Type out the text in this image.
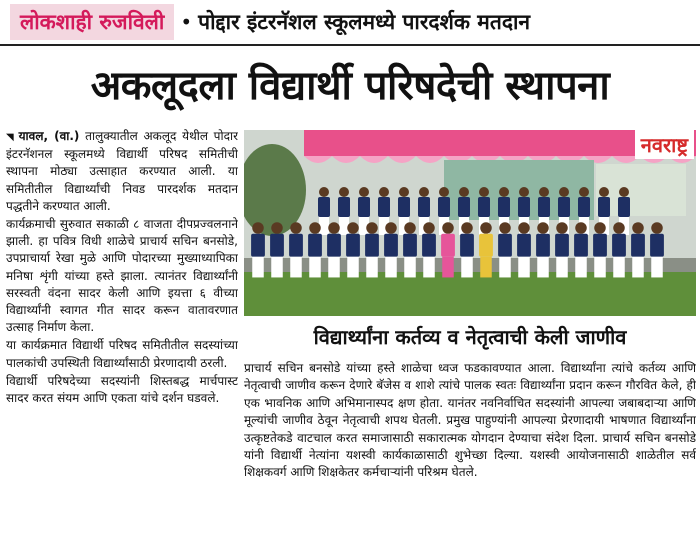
लोकशाही रुजविली • पोद्दार इंटरनॅशल स्कूलमध्ये पारदर्शक मतदान
अकलूदला विद्यार्थी परिषदेची स्थापना

◥ यावल, (वा.) तालुक्यातील अकलूद येथील पोदार इंटरनॅशनल स्कूलमध्ये विद्यार्थी परिषद समितीची स्थापना मोठ्या उत्साहात करण्यात आली. या समितीतील विद्यार्थ्यांची निवड पारदर्शक मतदान पद्धतीने करण्यात आली.

कार्यक्रमाची सुरुवात सकाळी ८ वाजता दीपप्रज्वलनाने झाली. हा पवित्र विधी शाळेचे प्राचार्य सचिन बनसोडे, उपप्राचार्या रेखा मुळे आणि पोदारच्या मुख्याध्यापिका मनिषा शृंगी यांच्या हस्ते झाला. त्यानंतर विद्यार्थ्यांनी सरस्वती वंदना सादर केली आणि इयत्ता ६ वीच्या विद्यार्थ्यांनी स्वागत गीत सादर करून वातावरणात उत्साह निर्माण केला.

या कार्यक्रमात विद्यार्थी परिषद समितीतील सदस्यांच्या पालकांची उपस्थिती विद्यार्थ्यांसाठी प्रेरणादायी ठरली.

विद्यार्थी परिषदेच्या सदस्यांनी शिस्तबद्ध मार्चपास्ट सादर करत संयम आणि एकता यांचे दर्शन घडवले.

नवराष्ट्र
विद्यार्थ्यांना कर्तव्य व नेतृत्वाची केली जाणीव

प्राचार्य सचिन बनसोडे यांच्या हस्ते शाळेचा ध्वज फडकावण्यात आला. विद्यार्थ्यांना त्यांचे कर्तव्य आणि नेतृत्वाची जाणीव करून देणारे बॅजेस व शाशे त्यांचे पालक स्वतः विद्यार्थ्यांना प्रदान करून गौरवित केले, ही एक भावनिक आणि अभिमानास्पद क्षण होता. यानंतर नवनिर्वाचित सदस्यांनी आपल्या जबाबदाऱ्या आणि मूल्यांची जाणीव ठेवून नेतृत्वाची शपथ घेतली. प्रमुख पाहुण्यांनी आपल्या प्रेरणादायी भाषणात विद्यार्थ्यांना उत्कृष्टतेकडे वाटचाल करत समाजासाठी सकारात्मक योगदान देण्याचा संदेश दिला. प्राचार्य सचिन बनसोडे यांनी विद्यार्थी नेत्यांना यशस्वी कार्यकाळासाठी शुभेच्छा दिल्या. यशस्वी आयोजनासाठी शाळेतील सर्व शिक्षकवर्ग आणि शिक्षकेतर कर्मचाऱ्यांनी परिश्रम घेतले.
